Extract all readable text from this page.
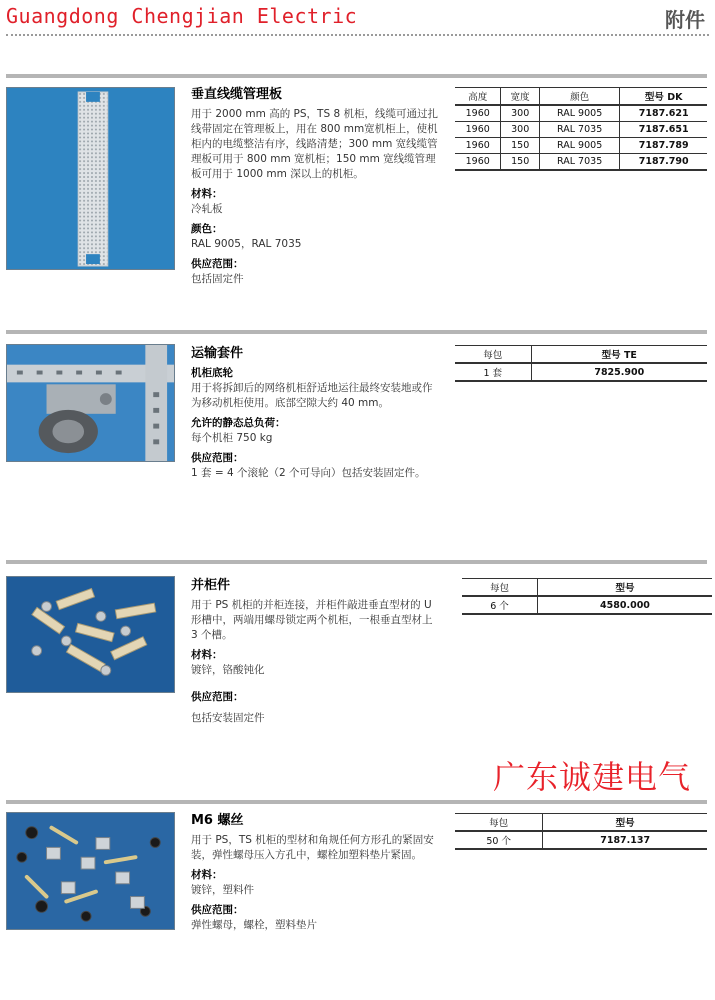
Guangdong Chengjian Electric	附件
垂直线缆管理板

用于 2000 mm 高的 PS，TS 8 机柜，线缆可通过扎线带固定在管理板上，用在 800 mm宽机柜上，使机柜内的电缆整洁有序，线路清楚；300 mm 宽线缆管理板可用于 800 mm 宽机柜；150 mm 宽线缆管理板可用于 1000 mm 深以上的机柜。

材料：

冷轧板

颜色：

RAL 9005，RAL 7035

供应范围：

包括固定件

高度	宽度	颜色	型号 DK
1960	300	RAL 9005	7187.621
1960	300	RAL 7035	7187.651
1960	150	RAL 9005	7187.789
1960	150	RAL 7035	7187.790
运输套件
机柜底轮

用于将拆卸后的网络机柜舒适地运往最终安装地或作为移动机柜使用。底部空隙大约 40 mm。

允许的静态总负荷：

每个机柜 750 kg

供应范围：

1 套 = 4 个滚轮（2 个可导向）包括安装固定件。

每包	型号 TE
1 套	7825.900
并柜件

用于 PS 机柜的并柜连接，并柜件敲进垂直型材的 U 形槽中，两端用螺母锁定两个机柜，一根垂直型材上 3 个槽。

材料：

镀锌，铬酸钝化

供应范围：

包括安装固定件

每包	型号
6 个	4580.000
广东诚建电气
M6 螺丝

用于 PS，TS 机柜的型材和角规任何方形孔的紧固安装，弹性螺母压入方孔中，螺栓加塑料垫片紧固。

材料：

镀锌，塑料件

供应范围：

弹性螺母，螺栓，塑料垫片

每包	型号
50 个	7187.137
